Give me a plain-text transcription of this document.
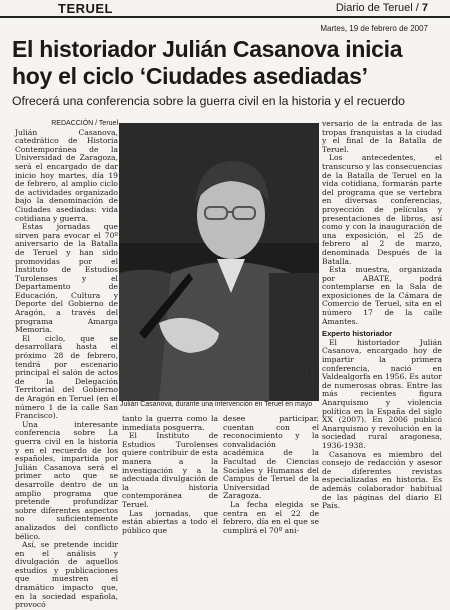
TERUEL	Diario de Teruel / 7
Martes, 19 de febrero de 2007
El historiador Julián Casanova inicia hoy el ciclo ‘Ciudades asediadas’
Ofrecerá una conferencia sobre la guerra civil en la historia y el recuerdo
REDACCIÓN / Teruel

Julián Casanova, catedrático de Historia Contemporánea de la Universidad de Zaragoza, será el encargado de dar inicio hoy martes, día 19 de febrero, al amplio ciclo de actividades organizado bajo la denominación de Ciudades asediadas: vida cotidiana y guerra.

Estas jornadas que sirven para evocar el 70º aniversario de la Batalla de Teruel y han sido promovidas por el Instituto de Estudios Turolenses y el Departamento de Educación, Cultura y Deporte del Gobierno de Aragón, a través del programa Amarga Memoria.

El ciclo, que se desarrollará hasta el próximo 28 de febrero, tendrá por escenario principal el salón de actos de la Delegación Territorial del Gobierno de Aragón en Teruel (en el número 1 de la calle San Francisco).

Una interesante conferencia sobre La guerra civil en la historia y en el recuerdo de los españoles, impartida por Julián Casanova será el primer acto que se desarrolle dentro de un amplio programa que pretende profundizar sobre diferentes aspectos no suficientemente analizados del conflicto bélico.

Así, se pretende incidir en el análisis y divulgación de aquellos estudios y publicaciones que muestren el dramático impacto que, en la sociedad española, provocó

ABATE
Julián Casanova, durante una intervención en Teruel en mayo

tanto la guerra como la inmediata posguerra.

El Instituto de Estudios Turolenses quiere contribuir de esta manera a la investigación y a la adecuada divulgación de la historia contemporánea de Teruel.

Las jornadas, que están abiertas a todo el público que

desee participar, cuentan con el reconocimiento y la convalidación académica de la Facultad de Ciencias Sociales y Humanas del Campus de Teruel de la Universidad de Zaragoza.

La fecha elegida se centra en el 22 de febrero, día en el que se cumplirá el 70º ani-

versario de la entrada de las tropas franquistas a la ciudad y el final de la Batalla de Teruel.

Los antecedentes, el transcurso y las consecuencias de la Batalla de Teruel en la vida cotidiana, formarán parte del programa que se vertebra en diversas conferencias, proyección de películas y presentaciones de libros, así como y con la inauguración de una exposición, el 25 de febrero al 2 de marzo, denominada Después de la Batalla.

Esta muestra, organizada por ABATE, podrá contemplarse en la Sala de exposiciones de la Cámara de Comercio de Teruel, sita en el número 17 de la calle Amantes.

Experto historiador

El historiador Julián Casanova, encargado hoy de impartir la primera conferencia, nació en Valdealgorfa en 1956. Es autor de numerosas obras. Entre las más recientes figura Anarquismo y violencia política en la España del siglo XX (2007). En 2006 publicó Anarquismo y revolución en la sociedad rural aragonesa, 1936-1938.

Casanova es miembro del consejo de redacción y asesor de diferentes revistas especializadas en historia. Es además colaborador habitual de las páginas del diario El País.
